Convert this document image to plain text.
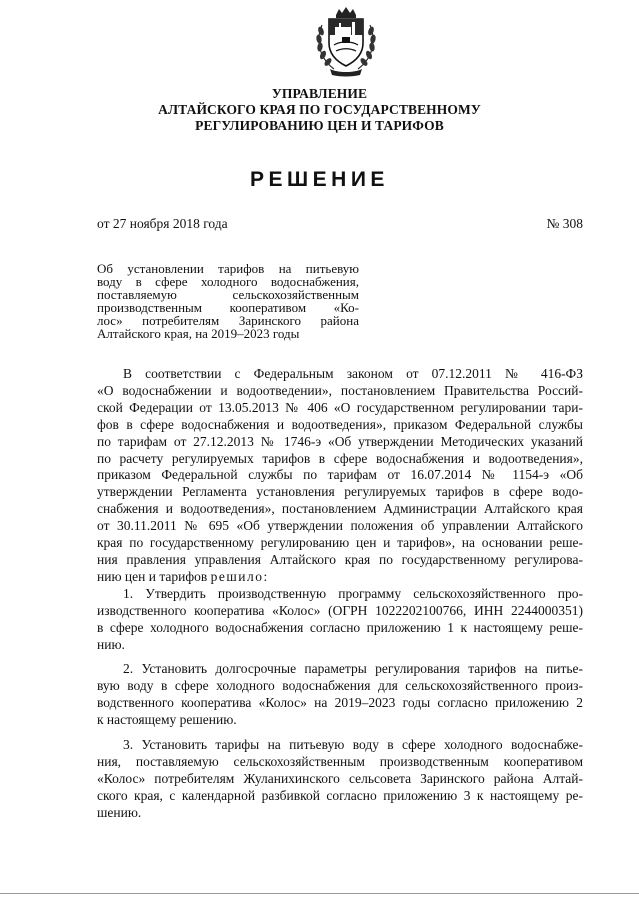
УПРАВЛЕНИЕ
АЛТАЙСКОГО КРАЯ ПО ГОСУДАРСТВЕННОМУ
РЕГУЛИРОВАНИЮ ЦЕН И ТАРИФОВ
РЕШЕНИЕ
от 27 ноября 2018 года	№ 308
Об установлении тарифов на питьевую
воду в сфере холодного водоснабжения,
поставляемую сельскохозяйственным
производственным кооперативом «Ко-
лос» потребителям Заринского района
Алтайского края, на 2019–2023 годы
В соответствии с Федеральным законом от 07.12.2011 № 416-ФЗ
«О водоснабжении и водоотведении», постановлением Правительства Россий-
ской Федерации от 13.05.2013 № 406 «О государственном регулировании тари-
фов в сфере водоснабжения и водоотведения», приказом Федеральной службы
по тарифам от 27.12.2013 № 1746-э «Об утверждении Методических указаний
по расчету регулируемых тарифов в сфере водоснабжения и водоотведения»,
приказом Федеральной службы по тарифам от 16.07.2014 № 1154-э «Об
утверждении Регламента установления регулируемых тарифов в сфере водо-
снабжения и водоотведения», постановлением Администрации Алтайского края
от 30.11.2011 № 695 «Об утверждении положения об управлении Алтайского
края по государственному регулированию цен и тарифов», на основании реше-
ния правления управления Алтайского края по государственному регулирова-
нию цен и тарифов решило:
1. Утвердить производственную программу сельскохозяйственного про-
изводственного кооператива «Колос» (ОГРН 1022202100766, ИНН 2244000351)
в сфере холодного водоснабжения согласно приложению 1 к настоящему реше-
нию.
2. Установить долгосрочные параметры регулирования тарифов на питье-
вую воду в сфере холодного водоснабжения для сельскохозяйственного произ-
водственного кооператива «Колос» на 2019–2023 годы согласно приложению 2
к настоящему решению.
3. Установить тарифы на питьевую воду в сфере холодного водоснабже-
ния, поставляемую сельскохозяйственным производственным кооперативом
«Колос» потребителям Жуланихинского сельсовета Заринского района Алтай-
ского края, с календарной разбивкой согласно приложению 3 к настоящему ре-
шению.
